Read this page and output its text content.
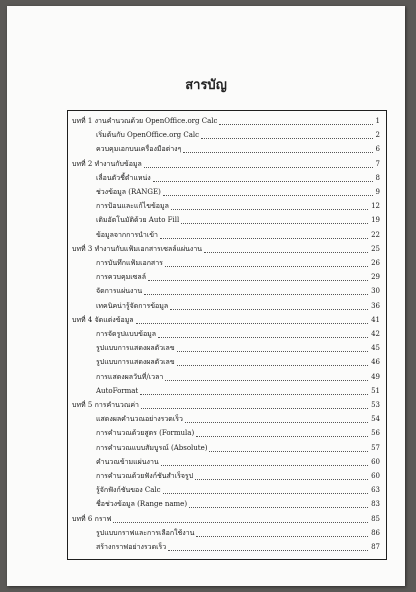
สารบัญ
บทที่ 1 งานคำนวณด้วย OpenOffice.org Calc	1
เริ่มต้นกับ OpenOffice.org Calc	2
ควบคุมเอกบนเครื่องมือต่างๆ	6
บทที่ 2 ทำงานกับข้อมูล	7
เลื่อนตัวชี้ตำแหน่ง	8
ช่วงข้อมูล (RANGE)	9
การป้อนและแก้ไขข้อมูล	12
เติมอัตโนมัติด้วย Auto Fill	19
ข้อมูลจากการนำเข้า	22
บทที่ 3 ทำงานกับแฟ้มเอกสารเซลล์แผ่นงาน	25
การบันทึกแฟ้มเอกสาร	26
การควบคุมเซลล์	29
จัดการแผ่นงาน	30
เทคนิคน่ารู้จัดการข้อมูล	36
บทที่ 4 จัดแต่งข้อมูล	41
การจัดรูปแบบข้อมูล	42
รูปแบบการแสดงผลตัวเลข	45
รูปแบบการแสดงผลตัวเลข	46
การแสดงผลวันที่/เวลา	49
AutoFormat	51
บทที่ 5 การคำนวณค่า	53
แสดงผลคำนวณอย่างรวดเร็ว	54
การคำนวณด้วยสูตร (Formula)	56
การคำนวณแบบสัมบูรณ์ (Absolute)	57
คำนวณข้ามแผ่นงาน	60
การคำนวณด้วยฟังก์ชันสำเร็จรูป	60
รู้จักฟังก์ชันของ Calc	63
ชื่อช่วงข้อมูล (Range name)	83
บทที่ 6 กราฟ	85
รูปแบบกราฟและการเลือกใช้งาน	86
สร้างกราฟอย่างรวดเร็ว	87
